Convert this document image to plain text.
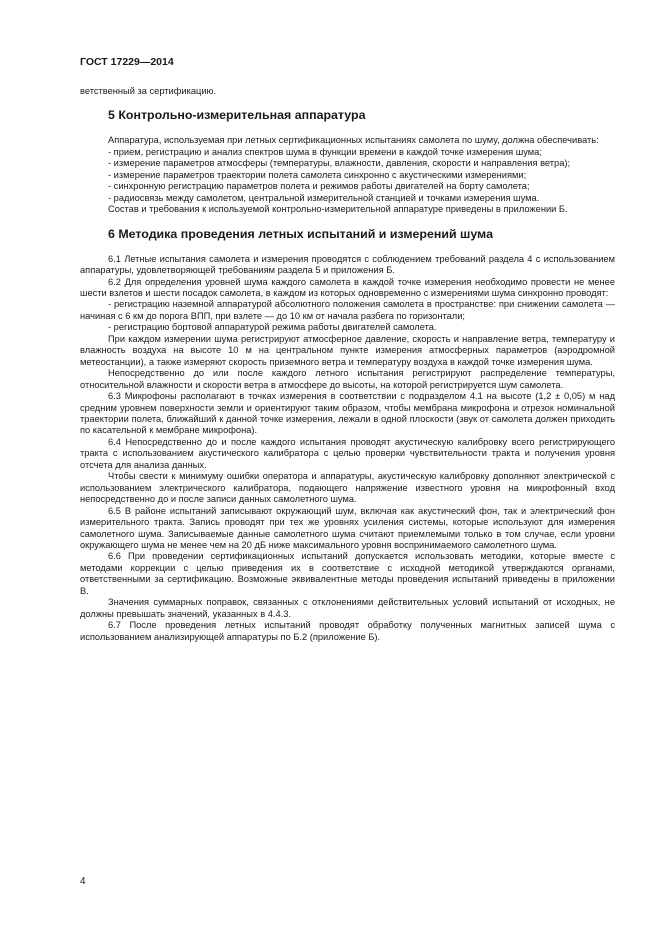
ГОСТ 17229—2014

ветственный за сертификацию.

5 Контрольно-измерительная аппаратура

Аппаратура, используемая при летных сертификационных испытаниях самолета по шуму, должна обеспечивать:

- прием, регистрацию и анализ спектров шума в функции времени в каждой точке измерения шума;

- измерение параметров атмосферы (температуры, влажности, давления, скорости и направления ветра);

- измерение параметров траектории полета самолета синхронно с акустическими измерениями;

- синхронную регистрацию параметров полета и режимов работы двигателей на борту самолета;

- радиосвязь между самолетом, центральной измерительной станцией и точками измерения шума.

Состав и требования к используемой контрольно-измерительной аппаратуре приведены в приложении Б.

6 Методика проведения летных испытаний и измерений шума

6.1 Летные испытания самолета и измерения проводятся с соблюдением требований раздела 4 с использованием аппаратуры, удовлетворяющей требованиям раздела 5 и приложения Б.

6.2 Для определения уровней шума каждого самолета в каждой точке измерения необходимо провести не менее шести взлетов и шести посадок самолета, в каждом из которых одновременно с измерениями шума синхронно проводят:

- регистрацию наземной аппаратурой абсолютного положения самолета в пространстве: при снижении самолета — начиная с 6 км до порога ВПП, при взлете — до 10 км от начала разбега по горизонтали;

- регистрацию бортовой аппаратурой режима работы двигателей самолета.

При каждом измерении шума регистрируют атмосферное давление, скорость и направление ветра, температуру и влажность воздуха на высоте 10 м на центральном пункте измерения атмосферных параметров (аэродромной метеостанции), а также измеряют скорость приземного ветра и температуру воздуха в каждой точке измерения шума.

Непосредственно до или после каждого летного испытания регистрируют распределение температуры, относительной влажности и скорости ветра в атмосфере до высоты, на которой регистрируется шум самолета.

6.3 Микрофоны располагают в точках измерения в соответствии с подразделом 4.1 на высоте (1,2 ± 0,05) м над средним уровнем поверхности земли и ориентируют таким образом, чтобы мембрана микрофона и отрезок номинальной траектории полета, ближайший к данной точке измерения, лежали в одной плоскости (звук от самолета должен приходить по касательной к мембране микрофона).

6.4 Непосредственно до и после каждого испытания проводят акустическую калибровку всего регистрирующего тракта с использованием акустического калибратора с целью проверки чувствительности тракта и получения уровня отсчета для анализа данных.

Чтобы свести к минимуму ошибки оператора и аппаратуры, акустическую калибровку дополняют электрической с использованием электрического калибратора, подающего напряжение известного уровня на микрофонный вход непосредственно до и после записи данных самолетного шума.

6.5 В районе испытаний записывают окружающий шум, включая как акустический фон, так и электрический фон измерительного тракта. Запись проводят при тех же уровнях усиления системы, которые используют для измерения самолетного шума. Записываемые данные самолетного шума считают приемлемыми только в том случае, если уровни окружающего шума не менее чем на 20 дБ ниже максимального уровня воспринимаемого самолетного шума.

6.6 При проведении сертификационных испытаний допускается использовать методики, которые вместе с методами коррекции с целью приведения их в соответствие с исходной методикой утверждаются органами, ответственными за сертификацию. Возможные эквивалентные методы проведения испытаний приведены в приложении В.

Значения суммарных поправок, связанных с отклонениями действительных условий испытаний от исходных, не должны превышать значений, указанных в 4.4.3.

6.7 После проведения летных испытаний проводят обработку полученных магнитных записей шума с использованием анализирующей аппаратуры по Б.2 (приложение Б).

4
